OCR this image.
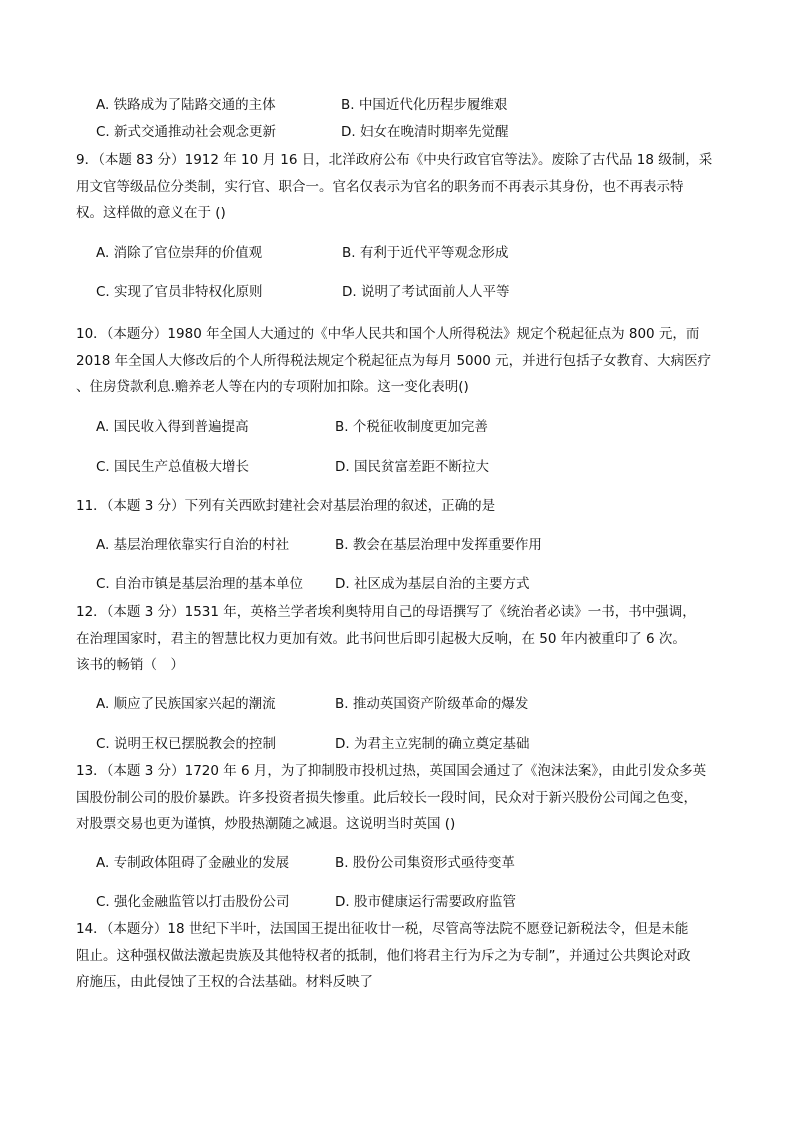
A. 铁路成为了陆路交通的主体	B. 中国近代化历程步履维艰
C. 新式交通推动社会观念更新	D. 妇女在晚清时期率先觉醒
9．（本题 83 分）1912 年 10 月 16 日，北洋政府公布《中央行政官官等法》。废除了古代品 18 级制，采
用文官等级品位分类制，实行官、职合一。官名仅表示为官名的职务而不再表示其身份，也不再表示特
权。这样做的意义在于 ()
A. 消除了官位崇拜的价值观	B. 有利于近代平等观念形成
C. 实现了官员非特权化原则	D. 说明了考试面前人人平等
10．（本题分）1980 年全国人大通过的《中华人民共和国个人所得税法》规定个税起征点为 800 元，而
2018 年全国人大修改后的个人所得税法规定个税起征点为每月 5000 元，并进行包括子女教育、大病医疗
、住房贷款利息.赡养老人等在内的专项附加扣除。这一变化表明()
A. 国民收入得到普遍提高	B. 个税征收制度更加完善
C. 国民生产总值极大增长	D. 国民贫富差距不断拉大
11．（本题 3 分）下列有关西欧封建社会对基层治理的叙述，正确的是
A. 基层治理依靠实行自治的村社	B. 教会在基层治理中发挥重要作用
C. 自治市镇是基层治理的基本单位 D. 社区成为基层自治的主要方式
12．（本题 3 分）1531 年，英格兰学者埃利奥特用自己的母语撰写了《统治者必读》一书，书中强调，
在治理国家时，君主的智慧比权力更加有效。此书问世后即引起极大反响，在 50 年内被重印了 6 次。
该书的畅销（　）
A. 顺应了民族国家兴起的潮流	B. 推动英国资产阶级革命的爆发
C. 说明王权已摆脱教会的控制	D. 为君主立宪制的确立奠定基础
13．（本题 3 分）1720 年 6 月，为了抑制股市投机过热，英国国会通过了《泡沫法案》，由此引发众多英
国股份制公司的股价暴跌。许多投资者损失惨重。此后较长一段时间，民众对于新兴股份公司闻之色变，
对股票交易也更为谨慎，炒股热潮随之减退。这说明当时英国 ()
A. 专制政体阻碍了金融业的发展	B. 股份公司集资形式亟待变革
C. 强化金融监管以打击股份公司	D. 股市健康运行需要政府监管
14．（本题分）18 世纪下半叶，法国国王提出征收廿一税，尽管高等法院不愿登记新税法令，但是未能
阻止。这种强权做法激起贵族及其他特权者的抵制，他们将君主行为斥之为专制”，并通过公共舆论对政
府施压，由此侵蚀了王权的合法基础。材料反映了
